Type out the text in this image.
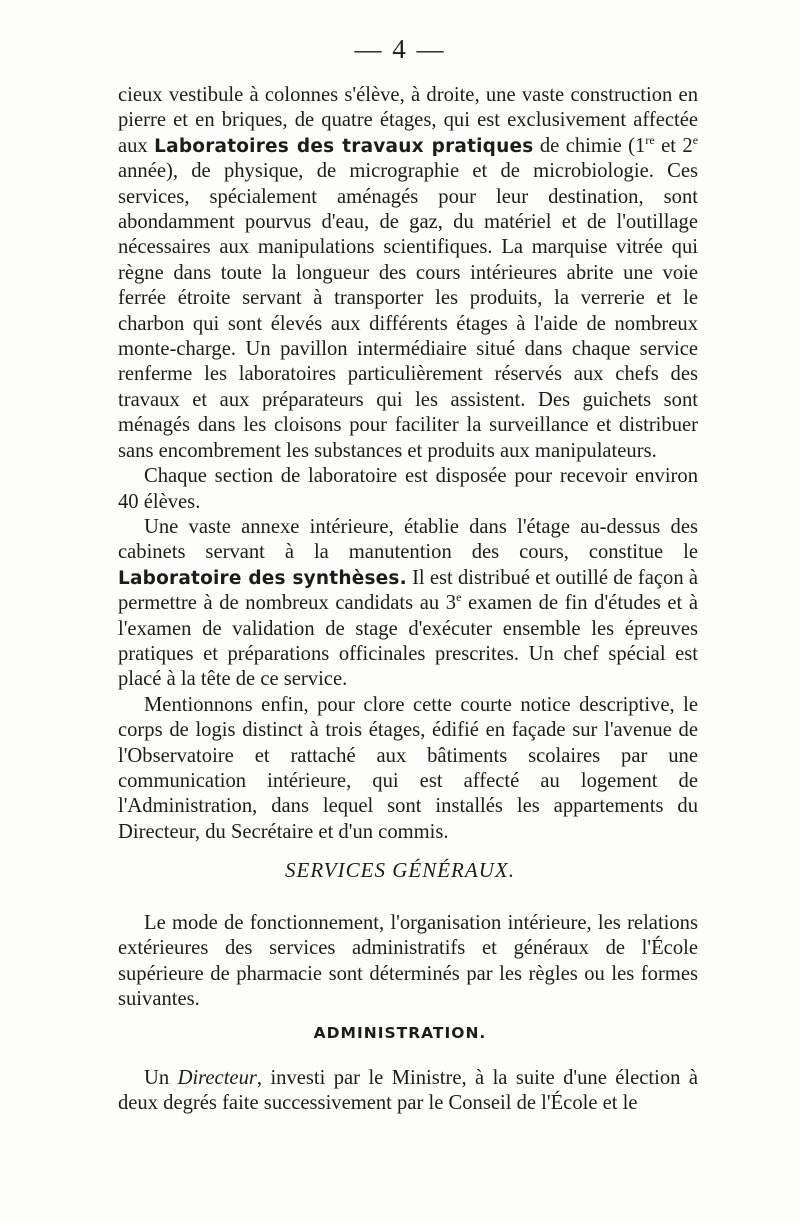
— 4 —

cieux vestibule à colonnes s'élève, à droite, une vaste construction en pierre et en briques, de quatre étages, qui est exclusivement affectée aux Laboratoires des travaux pratiques de chimie (1re et 2e année), de physique, de micrographie et de microbiologie. Ces services, spécialement aménagés pour leur destination, sont abondamment pourvus d'eau, de gaz, du matériel et de l'outillage nécessaires aux manipulations scientifiques. La marquise vitrée qui règne dans toute la longueur des cours intérieures abrite une voie ferrée étroite servant à transporter les produits, la verrerie et le charbon qui sont élevés aux différents étages à l'aide de nombreux monte-charge. Un pavillon intermédiaire situé dans chaque service renferme les laboratoires particulièrement réservés aux chefs des travaux et aux préparateurs qui les assistent. Des guichets sont ménagés dans les cloisons pour faciliter la surveillance et distribuer sans encombrement les substances et produits aux manipulateurs.

Chaque section de laboratoire est disposée pour recevoir environ 40 élèves.

Une vaste annexe intérieure, établie dans l'étage au-dessus des cabinets servant à la manutention des cours, constitue le Laboratoire des synthèses. Il est distribué et outillé de façon à permettre à de nombreux candidats au 3e examen de fin d'études et à l'examen de validation de stage d'exécuter ensemble les épreuves pratiques et préparations officinales prescrites. Un chef spécial est placé à la tête de ce service.

Mentionnons enfin, pour clore cette courte notice descriptive, le corps de logis distinct à trois étages, édifié en façade sur l'avenue de l'Observatoire et rattaché aux bâtiments scolaires par une communication intérieure, qui est affecté au logement de l'Administration, dans lequel sont installés les appartements du Directeur, du Secrétaire et d'un commis.

SERVICES GÉNÉRAUX.

Le mode de fonctionnement, l'organisation intérieure, les relations extérieures des services administratifs et généraux de l'École supérieure de pharmacie sont déterminés par les règles ou les formes suivantes.

ADMINISTRATION.

Un Directeur, investi par le Ministre, à la suite d'une élection à deux degrés faite successivement par le Conseil de l'École et le
